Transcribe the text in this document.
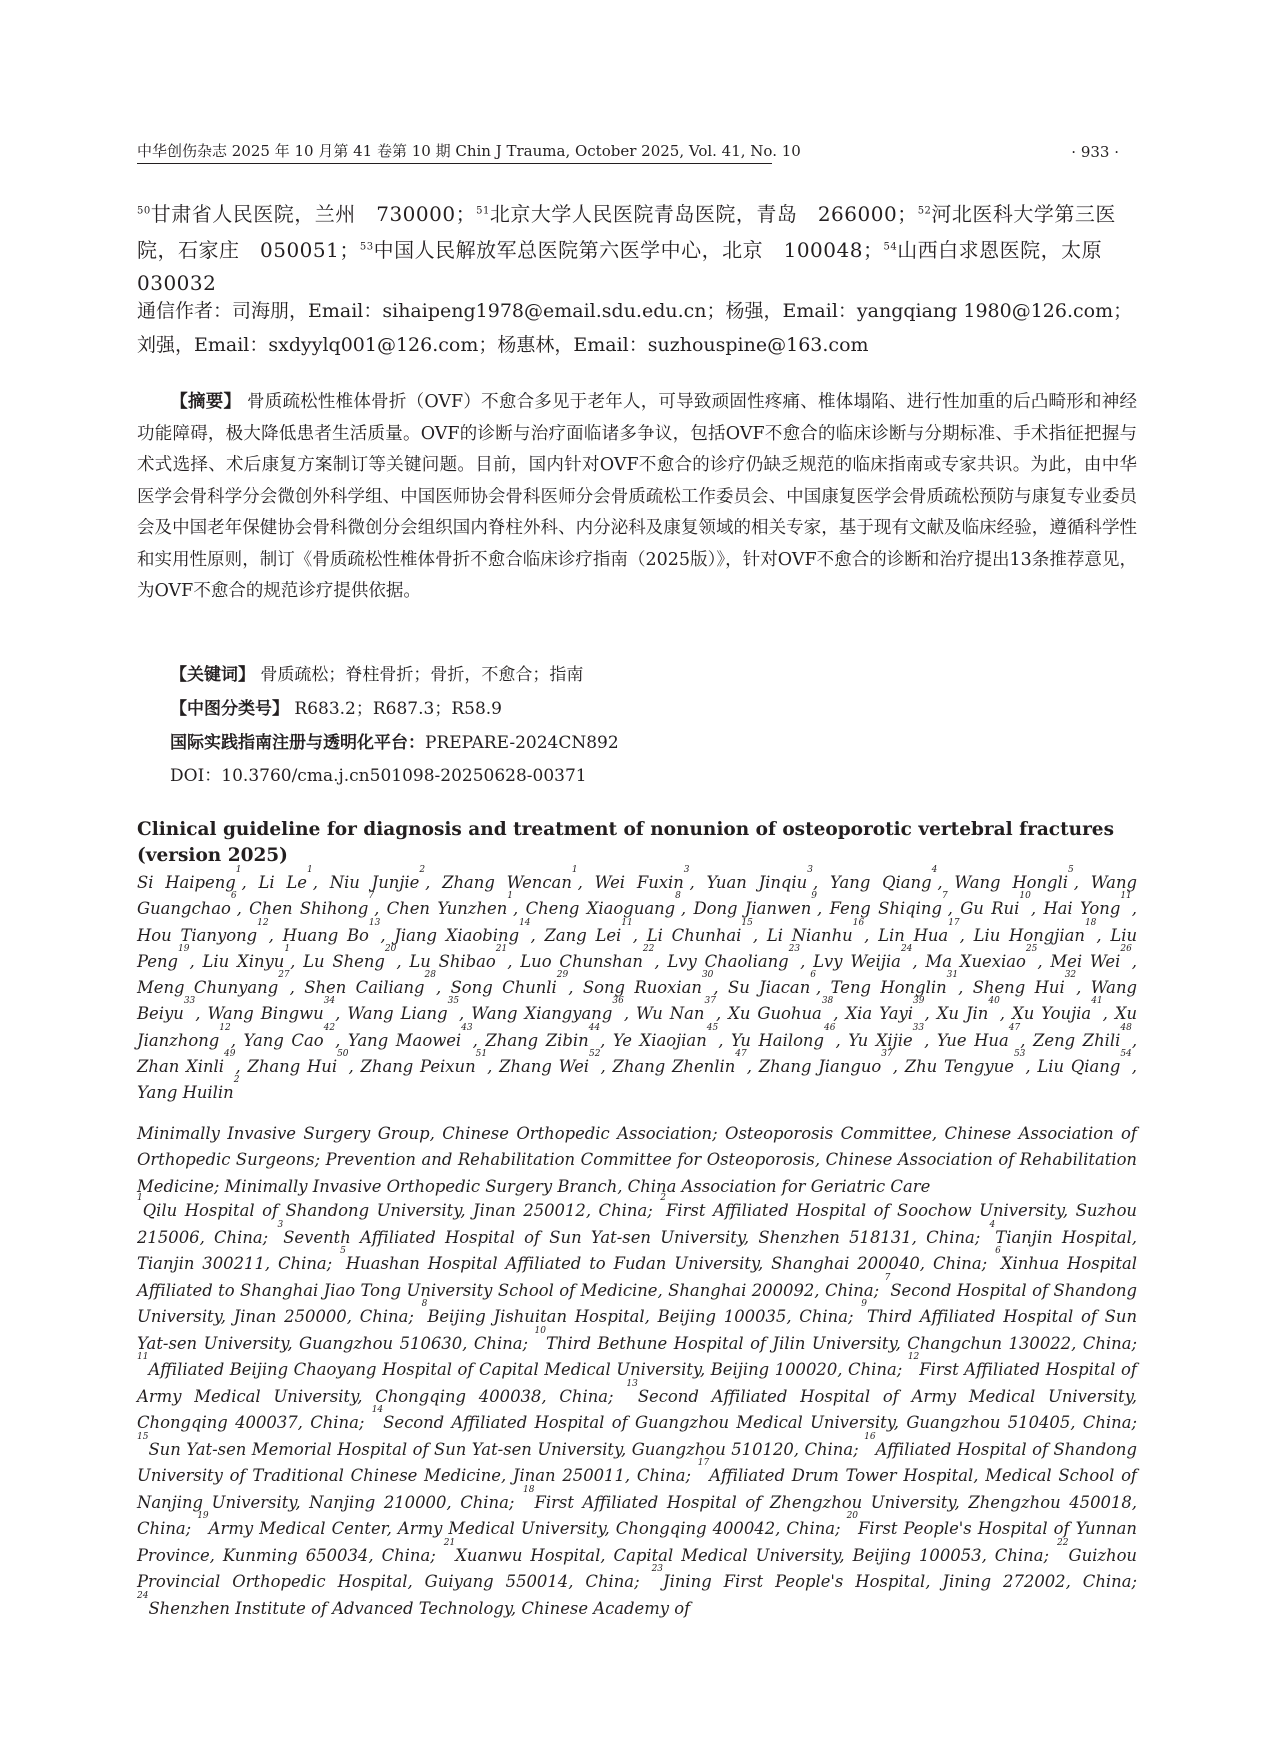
中华创伤杂志 2025 年 10 月第 41 卷第 10 期 Chin J Trauma, October 2025, Vol. 41, No. 10	· 933 ·
$^{50}$甘肃省人民医院，兰州　730000；$^{51}$北京大学人民医院青岛医院，青岛　266000；$^{52}$河北医科大学第三医院，石家庄　050051；$^{53}$中国人民解放军总医院第六医学中心，北京　100048；$^{54}$山西白求恩医院，太原　030032
通信作者：司海朋，Email：sihaipeng1978@email.sdu.edu.cn；杨强，Email：yangqiang 1980@126.com；刘强，Email：sxdyylq001@126.com；杨惠林，Email：suzhouspine@163.com
【摘要】 骨质疏松性椎体骨折（OVF）不愈合多见于老年人，可导致顽固性疼痛、椎体塌陷、进行性加重的后凸畸形和神经功能障碍，极大降低患者生活质量。OVF的诊断与治疗面临诸多争议，包括OVF不愈合的临床诊断与分期标准、手术指征把握与术式选择、术后康复方案制订等关键问题。目前，国内针对OVF不愈合的诊疗仍缺乏规范的临床指南或专家共识。为此，由中华医学会骨科学分会微创外科学组、中国医师协会骨科医师分会骨质疏松工作委员会、中国康复医学会骨质疏松预防与康复专业委员会及中国老年保健协会骨科微创分会组织国内脊柱外科、内分泌科及康复领域的相关专家，基于现有文献及临床经验，遵循科学性和实用性原则，制订《骨质疏松性椎体骨折不愈合临床诊疗指南（2025版）》，针对OVF不愈合的诊断和治疗提出13条推荐意见，为OVF不愈合的规范诊疗提供依据。
【关键词】 骨质疏松；脊柱骨折；骨折，不愈合；指南
【中图分类号】 R683.2；R687.3；R58.9
国际实践指南注册与透明化平台：PREPARE-2024CN892
DOI：10.3760/cma.j.cn501098-20250628-00371
Clinical guideline for diagnosis and treatment of nonunion of osteoporotic vertebral fractures (version 2025)
Si Haipeng$^1$, Li Le$^1$, Niu Junjie$^2$, Zhang Wencan$^1$, Wei Fuxin$^3$, Yuan Jinqiu$^3$, Yang Qiang$^4$, Wang Hongli$^5$, Wang Guangchao$^6$, Chen Shihong$^7$, Chen Yunzhen$^1$, Cheng Xiaoguang$^8$, Dong Jianwen$^9$, Feng Shiqing$^7$, Gu Rui$^{10}$, Hai Yong$^{11}$, Hou Tianyong$^{12}$, Huang Bo$^{13}$, Jiang Xiaobing$^{14}$, Zang Lei$^{11}$, Li Chunhai$^{15}$, Li Nianhu$^{16}$, Lin Hua$^{17}$, Liu Hongjian$^{18}$, Liu Peng$^{19}$, Liu Xinyu$^1$, Lu Sheng$^{20}$, Lu Shibao$^{21}$, Luo Chunshan$^{22}$, Lvy Chaoliang$^{23}$, Lvy Weijia$^{24}$, Ma Xuexiao$^{25}$, Mei Wei$^{26}$, Meng Chunyang$^{27}$, Shen Cailiang$^{28}$, Song Chunli$^{29}$, Song Ruoxian$^{30}$, Su Jiacan$^6$, Teng Honglin$^{31}$, Sheng Hui$^{32}$, Wang Beiyu$^{33}$, Wang Bingwu$^{34}$, Wang Liang$^{35}$, Wang Xiangyang$^{36}$, Wu Nan$^{37}$, Xu Guohua$^{38}$, Xia Yayi$^{39}$, Xu Jin$^{40}$, Xu Youjia$^{41}$, Xu Jianzhong$^{12}$, Yang Cao$^{42}$, Yang Maowei$^{43}$, Zhang Zibin$^{44}$, Ye Xiaojian$^{45}$, Yu Hailong$^{46}$, Yu Xijie$^{33}$, Yue Hua$^{47}$, Zeng Zhili$^{48}$, Zhan Xinli$^{49}$, Zhang Hui$^{50}$, Zhang Peixun$^{51}$, Zhang Wei$^{52}$, Zhang Zhenlin$^{47}$, Zhang Jianguo$^{37}$, Zhu Tengyue$^{53}$, Liu Qiang$^{54}$, Yang Huilin$^2$
Minimally Invasive Surgery Group, Chinese Orthopedic Association; Osteoporosis Committee, Chinese Association of Orthopedic Surgeons; Prevention and Rehabilitation Committee for Osteoporosis, Chinese Association of Rehabilitation Medicine; Minimally Invasive Orthopedic Surgery Branch, China Association for Geriatric Care
$^1$Qilu Hospital of Shandong University, Jinan 250012, China; $^2$First Affiliated Hospital of Soochow University, Suzhou 215006, China; $^3$Seventh Affiliated Hospital of Sun Yat-sen University, Shenzhen 518131, China; $^4$Tianjin Hospital, Tianjin 300211, China; $^5$Huashan Hospital Affiliated to Fudan University, Shanghai 200040, China; $^6$Xinhua Hospital Affiliated to Shanghai Jiao Tong University School of Medicine, Shanghai 200092, China; $^7$Second Hospital of Shandong University, Jinan 250000, China; $^8$Beijing Jishuitan Hospital, Beijing 100035, China; $^9$Third Affiliated Hospital of Sun Yat-sen University, Guangzhou 510630, China; $^{10}$Third Bethune Hospital of Jilin University, Changchun 130022, China; $^{11}$Affiliated Beijing Chaoyang Hospital of Capital Medical University, Beijing 100020, China; $^{12}$First Affiliated Hospital of Army Medical University, Chongqing 400038, China; $^{13}$Second Affiliated Hospital of Army Medical University, Chongqing 400037, China; $^{14}$Second Affiliated Hospital of Guangzhou Medical University, Guangzhou 510405, China; $^{15}$Sun Yat-sen Memorial Hospital of Sun Yat-sen University, Guangzhou 510120, China; $^{16}$Affiliated Hospital of Shandong University of Traditional Chinese Medicine, Jinan 250011, China; $^{17}$Affiliated Drum Tower Hospital, Medical School of Nanjing University, Nanjing 210000, China; $^{18}$First Affiliated Hospital of Zhengzhou University, Zhengzhou 450018, China; $^{19}$Army Medical Center, Army Medical University, Chongqing 400042, China; $^{20}$First People's Hospital of Yunnan Province, Kunming 650034, China; $^{21}$Xuanwu Hospital, Capital Medical University, Beijing 100053, China; $^{22}$Guizhou Provincial Orthopedic Hospital, Guiyang 550014, China; $^{23}$Jining First People's Hospital, Jining 272002, China; $^{24}$Shenzhen Institute of Advanced Technology, Chinese Academy of
